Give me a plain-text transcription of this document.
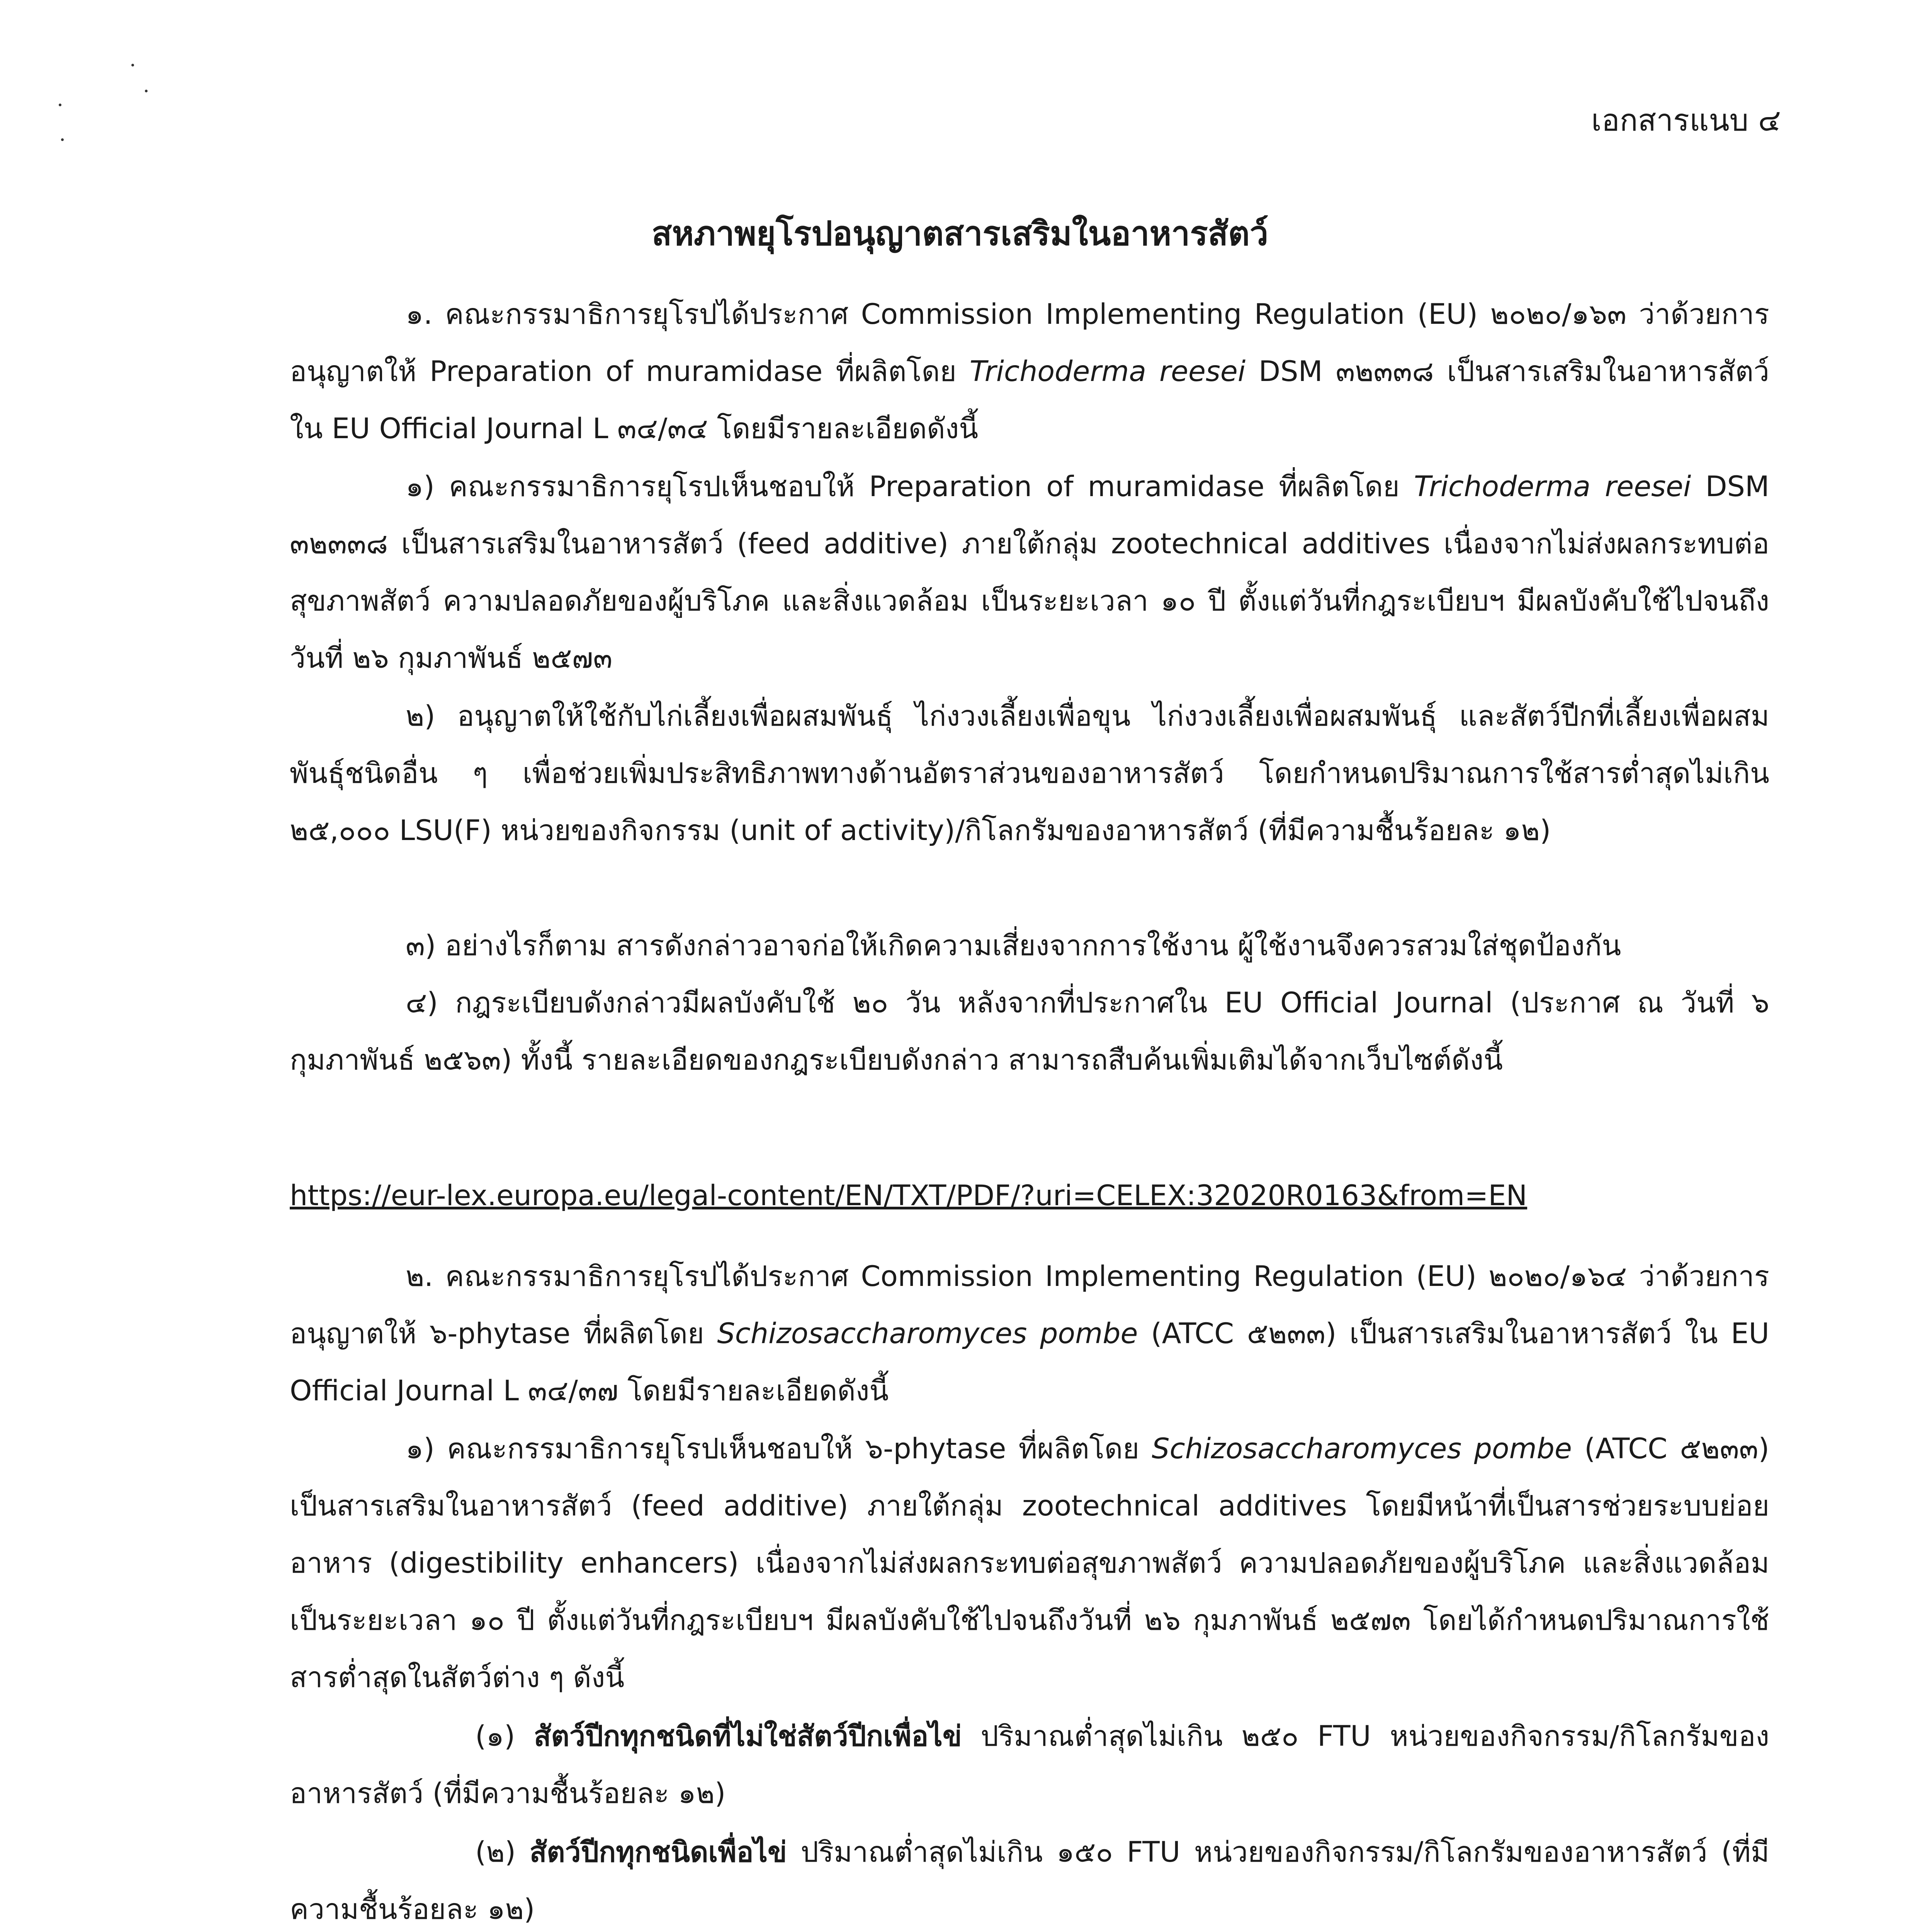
เอกสารแนบ ๔
สหภาพยุโรปอนุญาตสารเสริมในอาหารสัตว์

๑. คณะกรรมาธิการยุโรปได้ประกาศ Commission Implementing Regulation (EU) ๒๐๒๐/๑๖๓ ว่าด้วยการอนุญาตให้ Preparation of muramidase ที่ผลิตโดย Trichoderma reesei DSM ๓๒๓๓๘ เป็นสารเสริมในอาหารสัตว์ ใน EU Official Journal L ๓๔/๓๔ โดยมีรายละเอียดดังนี้

๑) คณะกรรมาธิการยุโรปเห็นชอบให้ Preparation of muramidase ที่ผลิตโดย Trichoderma reesei DSM ๓๒๓๓๘ เป็นสารเสริมในอาหารสัตว์ (feed additive) ภายใต้กลุ่ม zootechnical additives เนื่องจากไม่ส่งผลกระทบต่อสุขภาพสัตว์ ความปลอดภัยของผู้บริโภค และสิ่งแวดล้อม เป็นระยะเวลา ๑๐ ปี ตั้งแต่วันที่กฎระเบียบฯ มีผลบังคับใช้ไปจนถึงวันที่ ๒๖ กุมภาพันธ์ ๒๕๗๓

๒) อนุญาตให้ใช้กับไก่เลี้ยงเพื่อผสมพันธุ์ ไก่งวงเลี้ยงเพื่อขุน ไก่งวงเลี้ยงเพื่อผสมพันธุ์ และสัตว์ปีกที่เลี้ยงเพื่อผสมพันธุ์ชนิดอื่น ๆ เพื่อช่วยเพิ่มประสิทธิภาพทางด้านอัตราส่วนของอาหารสัตว์ โดยกำหนดปริมาณการใช้สารต่ำสุดไม่เกิน ๒๕,๐๐๐ LSU(F) หน่วยของกิจกรรม (unit of activity)/กิโลกรัมของอาหารสัตว์ (ที่มีความชื้นร้อยละ ๑๒)

๓) อย่างไรก็ตาม สารดังกล่าวอาจก่อให้เกิดความเสี่ยงจากการใช้งาน ผู้ใช้งานจึงควรสวมใส่ชุดป้องกัน

๔) กฎระเบียบดังกล่าวมีผลบังคับใช้ ๒๐ วัน หลังจากที่ประกาศใน EU Official Journal (ประกาศ ณ วันที่ ๖ กุมภาพันธ์ ๒๕๖๓) ทั้งนี้ รายละเอียดของกฎระเบียบดังกล่าว สามารถสืบค้นเพิ่มเติมได้จากเว็บไซต์ดังนี้

https://eur-lex.europa.eu/legal-content/EN/TXT/PDF/?uri=CELEX:32020R0163&from=EN

๒. คณะกรรมาธิการยุโรปได้ประกาศ Commission Implementing Regulation (EU) ๒๐๒๐/๑๖๔ ว่าด้วยการอนุญาตให้ ๖-phytase ที่ผลิตโดย Schizosaccharomyces pombe (ATCC ๕๒๓๓) เป็นสารเสริมในอาหารสัตว์ ใน EU Official Journal L ๓๔/๓๗ โดยมีรายละเอียดดังนี้

๑) คณะกรรมาธิการยุโรปเห็นชอบให้ ๖-phytase ที่ผลิตโดย Schizosaccharomyces pombe (ATCC ๕๒๓๓) เป็นสารเสริมในอาหารสัตว์ (feed additive) ภายใต้กลุ่ม zootechnical additives โดยมีหน้าที่เป็นสารช่วยระบบย่อยอาหาร (digestibility enhancers) เนื่องจากไม่ส่งผลกระทบต่อสุขภาพสัตว์ ความปลอดภัยของผู้บริโภค และสิ่งแวดล้อม เป็นระยะเวลา ๑๐ ปี ตั้งแต่วันที่กฎระเบียบฯ มีผลบังคับใช้ไปจนถึงวันที่ ๒๖ กุมภาพันธ์ ๒๕๗๓ โดยได้กำหนดปริมาณการใช้สารต่ำสุดในสัตว์ต่าง ๆ ดังนี้

(๑) สัตว์ปีกทุกชนิดที่ไม่ใช่สัตว์ปีกเพื่อไข่ ปริมาณต่ำสุดไม่เกิน ๒๕๐ FTU หน่วยของกิจกรรม/กิโลกรัมของอาหารสัตว์ (ที่มีความชื้นร้อยละ ๑๒)

(๒) สัตว์ปีกทุกชนิดเพื่อไข่ ปริมาณต่ำสุดไม่เกิน ๑๕๐ FTU หน่วยของกิจกรรม/กิโลกรัมของอาหารสัตว์ (ที่มีความชื้นร้อยละ ๑๒)
